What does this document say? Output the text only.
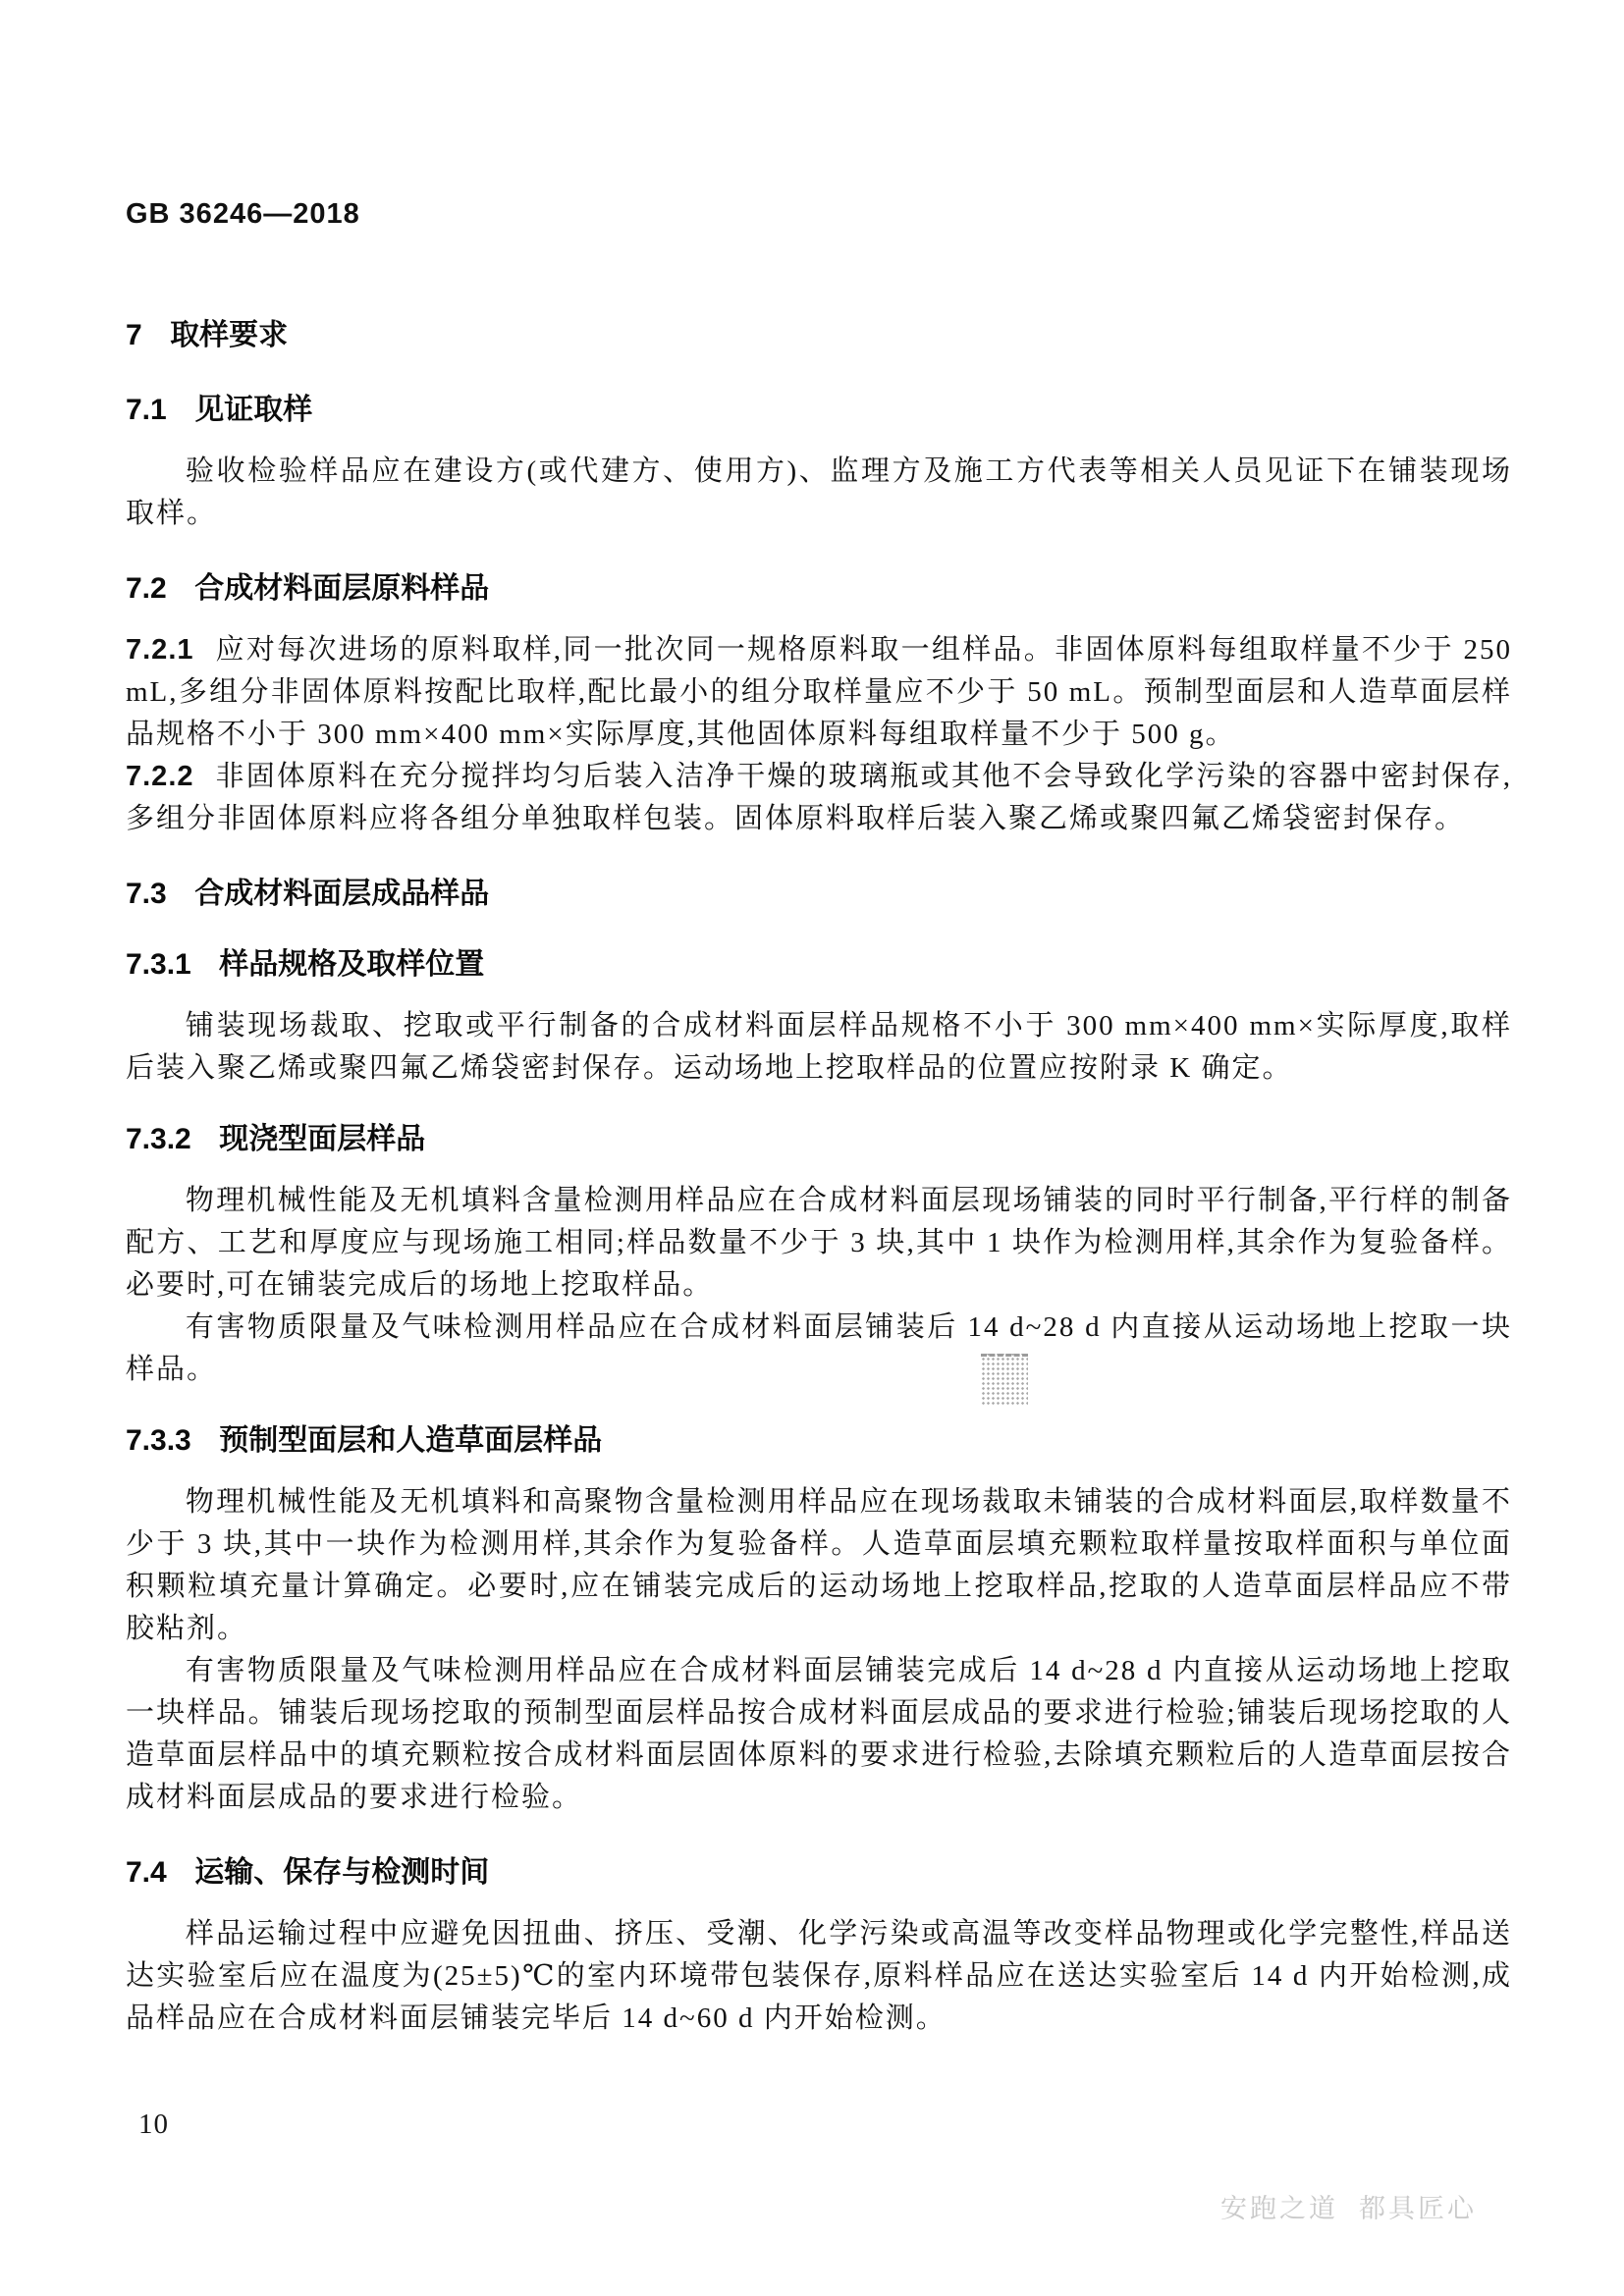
GB 36246—2018
7 取样要求
7.1 见证取样

验收检验样品应在建设方(或代建方、使用方)、监理方及施工方代表等相关人员见证下在铺装现场取样。

7.2 合成材料面层原料样品

7.2.1 应对每次进场的原料取样,同一批次同一规格原料取一组样品。非固体原料每组取样量不少于 250 mL,多组分非固体原料按配比取样,配比最小的组分取样量应不少于 50 mL。预制型面层和人造草面层样品规格不小于 300 mm×400 mm×实际厚度,其他固体原料每组取样量不少于 500 g。

7.2.2 非固体原料在充分搅拌均匀后装入洁净干燥的玻璃瓶或其他不会导致化学污染的容器中密封保存,多组分非固体原料应将各组分单独取样包装。固体原料取样后装入聚乙烯或聚四氟乙烯袋密封保存。

7.3 合成材料面层成品样品
7.3.1 样品规格及取样位置

铺装现场裁取、挖取或平行制备的合成材料面层样品规格不小于 300 mm×400 mm×实际厚度,取样后装入聚乙烯或聚四氟乙烯袋密封保存。运动场地上挖取样品的位置应按附录 K 确定。

7.3.2 现浇型面层样品

物理机械性能及无机填料含量检测用样品应在合成材料面层现场铺装的同时平行制备,平行样的制备配方、工艺和厚度应与现场施工相同;样品数量不少于 3 块,其中 1 块作为检测用样,其余作为复验备样。必要时,可在铺装完成后的场地上挖取样品。

有害物质限量及气味检测用样品应在合成材料面层铺装后 14 d~28 d 内直接从运动场地上挖取一块样品。

7.3.3 预制型面层和人造草面层样品

物理机械性能及无机填料和高聚物含量检测用样品应在现场裁取未铺装的合成材料面层,取样数量不少于 3 块,其中一块作为检测用样,其余作为复验备样。人造草面层填充颗粒取样量按取样面积与单位面积颗粒填充量计算确定。必要时,应在铺装完成后的运动场地上挖取样品,挖取的人造草面层样品应不带胶粘剂。

有害物质限量及气味检测用样品应在合成材料面层铺装完成后 14 d~28 d 内直接从运动场地上挖取一块样品。铺装后现场挖取的预制型面层样品按合成材料面层成品的要求进行检验;铺装后现场挖取的人造草面层样品中的填充颗粒按合成材料面层固体原料的要求进行检验,去除填充颗粒后的人造草面层按合成材料面层成品的要求进行检验。

7.4 运输、保存与检测时间

样品运输过程中应避免因扭曲、挤压、受潮、化学污染或高温等改变样品物理或化学完整性,样品送达实验室后应在温度为(25±5)℃的室内环境带包装保存,原料样品应在送达实验室后 14 d 内开始检测,成品样品应在合成材料面层铺装完毕后 14 d~60 d 内开始检测。

10
安跑之道  都具匠心
